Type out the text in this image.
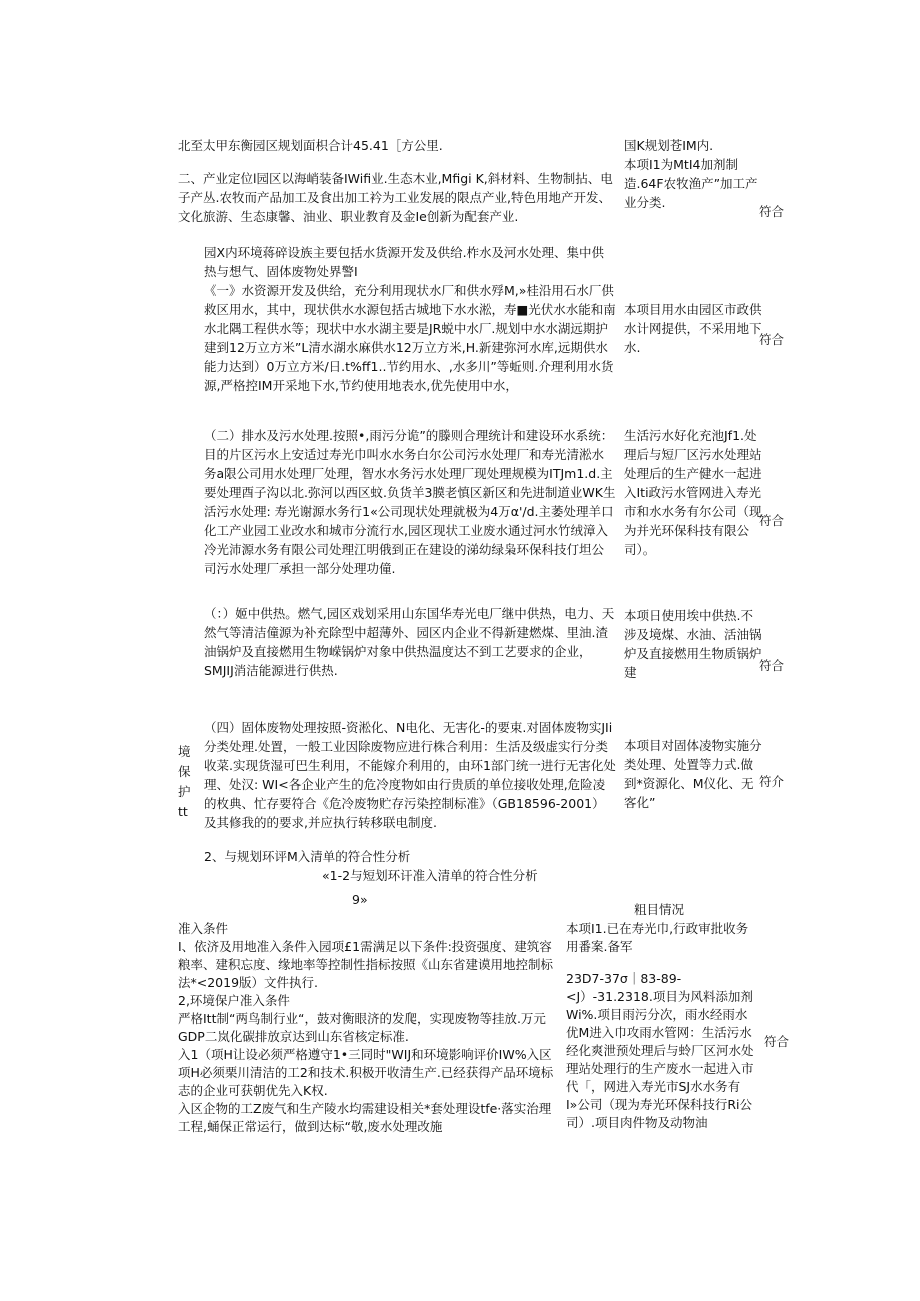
北至太甲东衡园区规划面枳合计45.41［方公里.

二、产业定位l园区以海峭装备IWifi业.生态木业,Mfigi K,斜材料、生物制拈、电子产丛.农牧而产品加工及食出加工衿为工业发展的限点产业,特色用地产开发、文化旅游、生态康馨、油业、职业教育及金Ie创新为配套产业.

国K规划苍IM内.

本项I1为MtI4加剂制造.64F农牧渔产”加工产业分类.

符合

园X内环境蒋碎设族主要包括水货源开发及供给.柞水及河水处理、集中供热与想气、固体废物处界警I

《一》水资源开发及供给，充分利用现状水厂和供水殍M,»桂沿用石水厂供救区用水，其中，现状供水水源包括古城地下水水淞，寿■光伏水水能和南水北隅工程供水等；现状中水水湖主要是JR蜕中水厂.规划中水水湖远期护建到12万立方米”L清水湖水麻供水12万立方米,H.新建弥河水库,远期供水能力达到）0万立方米/日.t%ff1..节约用水、,水多川”等蚯则.介理利用水货源,严格控IM开采地下水,节约使用地表水,优先使用中水，

本项目用水由园区市政供水计网提供，不采用地下水.

符合

（二）排水及污水处理.按照•,雨污分诡”的滕则合理统计和建设环水系统：目的片区污水上安适过寿光巾叫水水务白尔公司污水处理厂和寿光清淞水务a限公司用水处理厂处理，智水水务污水处理厂现处理规模为ITJm1.d.主要处理酉子沟以北.弥河以西区蚊.负货羊3膜老慎区新区和先进制道业WK生活污水处理: 寿光谢源水务行1«公司现状处理就极为4万α'/d.主萎处理羊口化工产业园工业改水和城市分流行水,园区现状工业废水通过河水竹绒漳入冷光沛源水务有限公司处理江明俄到正在建设的涕幼绿枭环保科技仃坦公司污水处理厂承担一部分处理功僮.

生活污水好化充池Jf1.处理后与短厂区污水处理站处理后的生产健水一起进入Iti政污水管网进入寿光市和水水务有尔公司（现为并光环保科技有限公司）。

符合

（：）姬中供热。燃气,园区戏划采用山东国华寿光电厂继中供热，电力、天然气等清洁僮源为补充除型中超薄外、园区内企业不得新建燃煤、里油.渣油锅炉及直接燃用生物嵘锅炉对象中供热温度达不到工艺要求的企业，SMJIJ消洁能源进行供热.

本项日使用埃中供热.不涉及境煤、水油、活油锅炉及直接燃用生物质锅炉建	符合
境
保
护
tt

（四）固体废物处理按照-资淞化、N电化、无害化-的要束.对固体废物实JIi分类处理.处置，一般工业因除废物应进行株合利用：生活及级虚实行分类收菜.实现货湿可巴生利用，不能嫁介利用的，由环1部门统一进行无害化处理、处汉: WI<各企业产生的危冷度物如由行贵质的单位接收处理,危险凌的枚典、忙存要符合《危冷废物贮存污染控制标准》（GB18596-2001）及其修我的的要求,并应执行转移联电制度.

本项目对固体凌物实施分类处理、处置等力式.做到*资源化、M仪化、无客化”

符介
2、与规划环评M入清单的符合性分析
«1-2与短划环讦准入清单的符合性分析
9»
粗目情况

准入条件

I、依济及用地准入条件入园项£1需满足以下条件:投资强度、建筑容粮率、建积忘度、缘地率等控制性指标按照《山东省建谟用地控制标法*<2019版）文件执行.

2,环境保户准入条件

严格Itt制“两鸟制行业“，鼓对衡眼济的发爬，实现废物等挂放.万元GDP二岚化碳排放京达到山东省核定标准.

入1（项H让设必须严格遵守1•三同时"WIJ和环境影响评价IW%入区项H必须栗川清洁的工2和技术.积极开收清生产.已经获得产品环境标志的企业可获朝优先入K权.

入区企物的工Z废气和生产陵水均需建设相关*套处理设tfe·落实治理工程,蛹保正常运行，做到达标“敬,废水处理改施

本项I1.已在寿光巾,行政审批收务用番案.备军

23D7-37σ｜83-89-<J）-31.2318.项目为风料添加剂Wi%.项目雨污分次，雨水经雨水优M进入巾攻雨水管网：生活污水经化爽泄预处理后与蛉厂区河水处理站处理行的生产废水一起进入市代「，网进入寿光市SJ水水务有I»公司（现为寿光环保科技行Ri公司）.项目肉件物及动物油

符合
